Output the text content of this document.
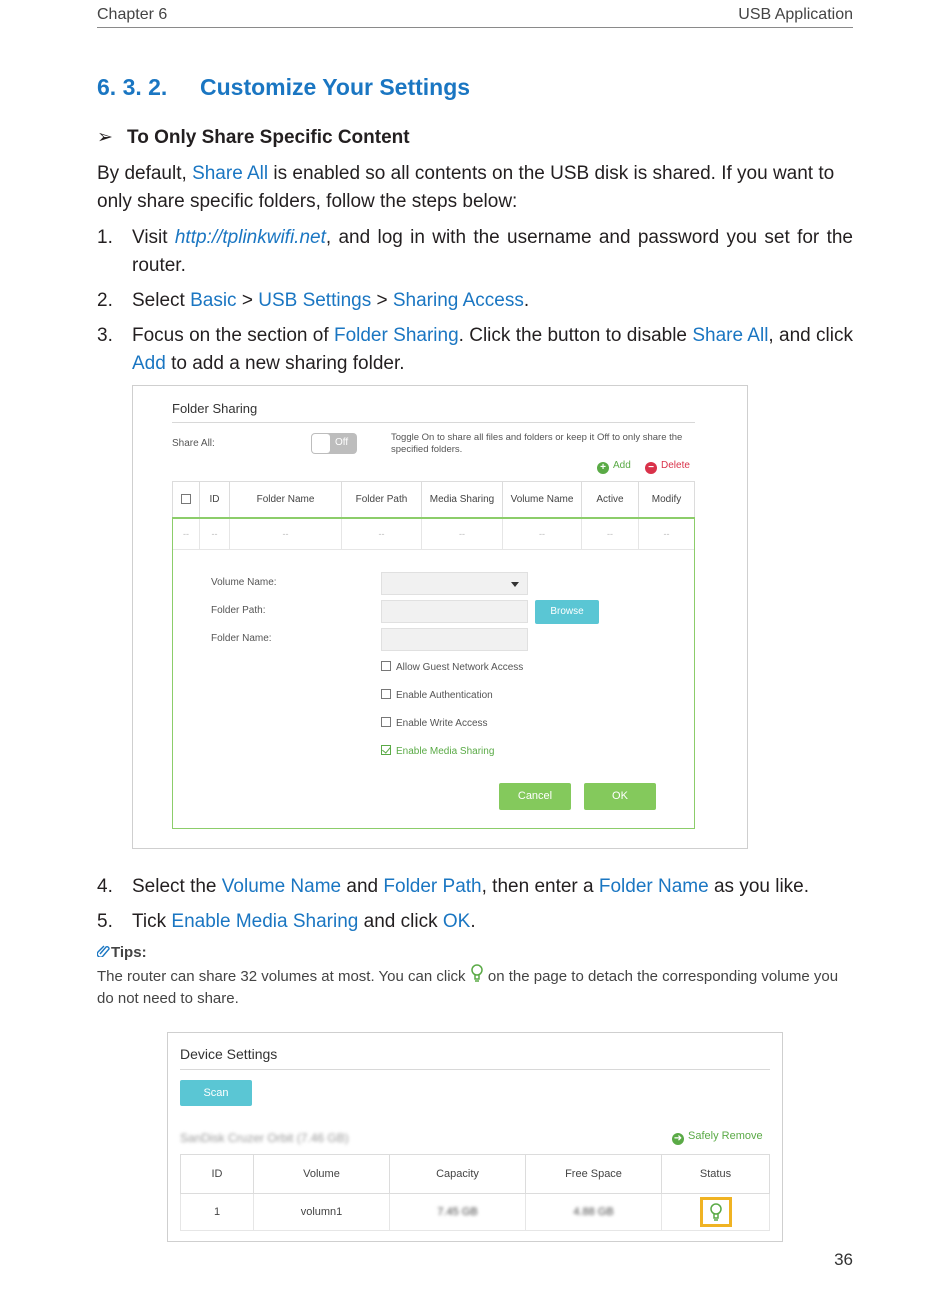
Chapter 6	USB Application
6. 3. 2. Customize Your Settings
➢ To Only Share Specific Content
By default, Share All is enabled so all contents on the USB disk is shared. If you want to only share specific folders, follow the steps below:
1. Visit http://tplinkwifi.net, and log in with the username and password you set for the router.
2. Select Basic > USB Settings > Sharing Access.
3. Focus on the section of Folder Sharing. Click the button to disable Share All, and click Add to add a new sharing folder.
Folder Sharing
Share All:	Off	Toggle On to share all files and folders or keep it Off to only share the specified folders.
+ Add	− Delete
	ID	Folder Name	Folder Path	Media Sharing	Volume Name	Active	Modify
--	--	--	--	--	--	--	--
Volume Name:
Folder Path:	Browse
Folder Name:
Allow Guest Network Access
Enable Authentication
Enable Write Access
Enable Media Sharing
Cancel	OK
4. Select the Volume Name and Folder Path, then enter a Folder Name as you like.
5. Tick Enable Media Sharing and click OK.
Tips:
The router can share 32 volumes at most. You can click  on the page to detach the corresponding volume you do not need to share.
Device Settings
Scan
SanDisk Cruzer Orbit (7.46 GB)	➜ Safely Remove
ID	Volume	Capacity	Free Space	Status
1	volumn1	7.45 GB	4.88 GB	
36
